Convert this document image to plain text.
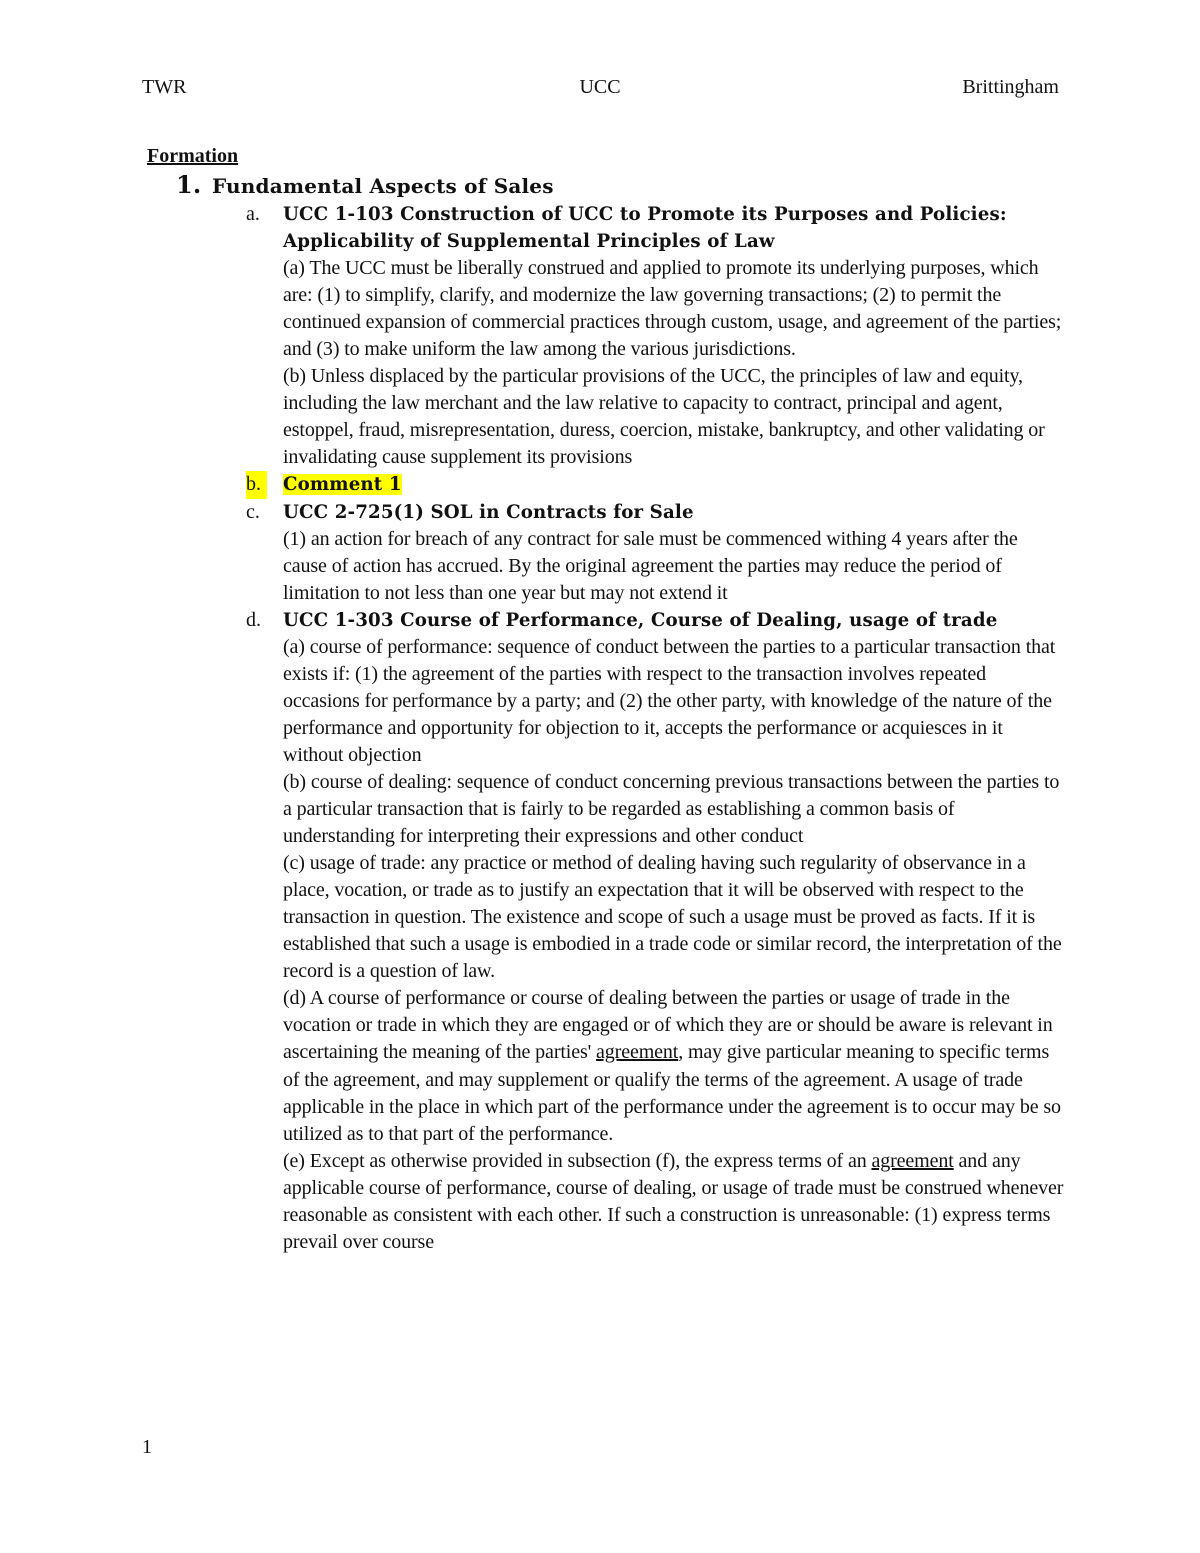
TWR	UCC	Brittingham
Formation
1. Fundamental Aspects of Sales
a. UCC 1-103 Construction of UCC to Promote its Purposes and Policies: Applicability of Supplemental Principles of Law
(a) The UCC must be liberally construed and applied to promote its underlying purposes, which are: (1) to simplify, clarify, and modernize the law governing transactions; (2) to permit the continued expansion of commercial practices through custom, usage, and agreement of the parties; and (3) to make uniform the law among the various jurisdictions.
(b) Unless displaced by the particular provisions of the UCC, the principles of law and equity, including the law merchant and the law relative to capacity to contract, principal and agent, estoppel, fraud, misrepresentation, duress, coercion, mistake, bankruptcy, and other validating or invalidating cause supplement its provisions
b.	Comment 1
c. UCC 2-725(1) SOL in Contracts for Sale
(1) an action for breach of any contract for sale must be commenced withing 4 years after the cause of action has accrued. By the original agreement the parties may reduce the period of limitation to not less than one year but may not extend it
d. UCC 1-303 Course of Performance, Course of Dealing, usage of trade
(a) course of performance: sequence of conduct between the parties to a particular transaction that exists if: (1) the agreement of the parties with respect to the transaction involves repeated occasions for performance by a party; and (2) the other party, with knowledge of the nature of the performance and opportunity for objection to it, accepts the performance or acquiesces in it without objection
(b) course of dealing: sequence of conduct concerning previous transactions between the parties to a particular transaction that is fairly to be regarded as establishing a common basis of understanding for interpreting their expressions and other conduct
(c) usage of trade: any practice or method of dealing having such regularity of observance in a place, vocation, or trade as to justify an expectation that it will be observed with respect to the transaction in question. The existence and scope of such a usage must be proved as facts. If it is established that such a usage is embodied in a trade code or similar record, the interpretation of the record is a question of law.
(d) A course of performance or course of dealing between the parties or usage of trade in the vocation or trade in which they are engaged or of which they are or should be aware is relevant in ascertaining the meaning of the parties' agreement, may give particular meaning to specific terms of the agreement, and may supplement or qualify the terms of the agreement. A usage of trade applicable in the place in which part of the performance under the agreement is to occur may be so utilized as to that part of the performance.
(e) Except as otherwise provided in subsection (f), the express terms of an agreement and any applicable course of performance, course of dealing, or usage of trade must be construed whenever reasonable as consistent with each other. If such a construction is unreasonable: (1) express terms prevail over course
1
